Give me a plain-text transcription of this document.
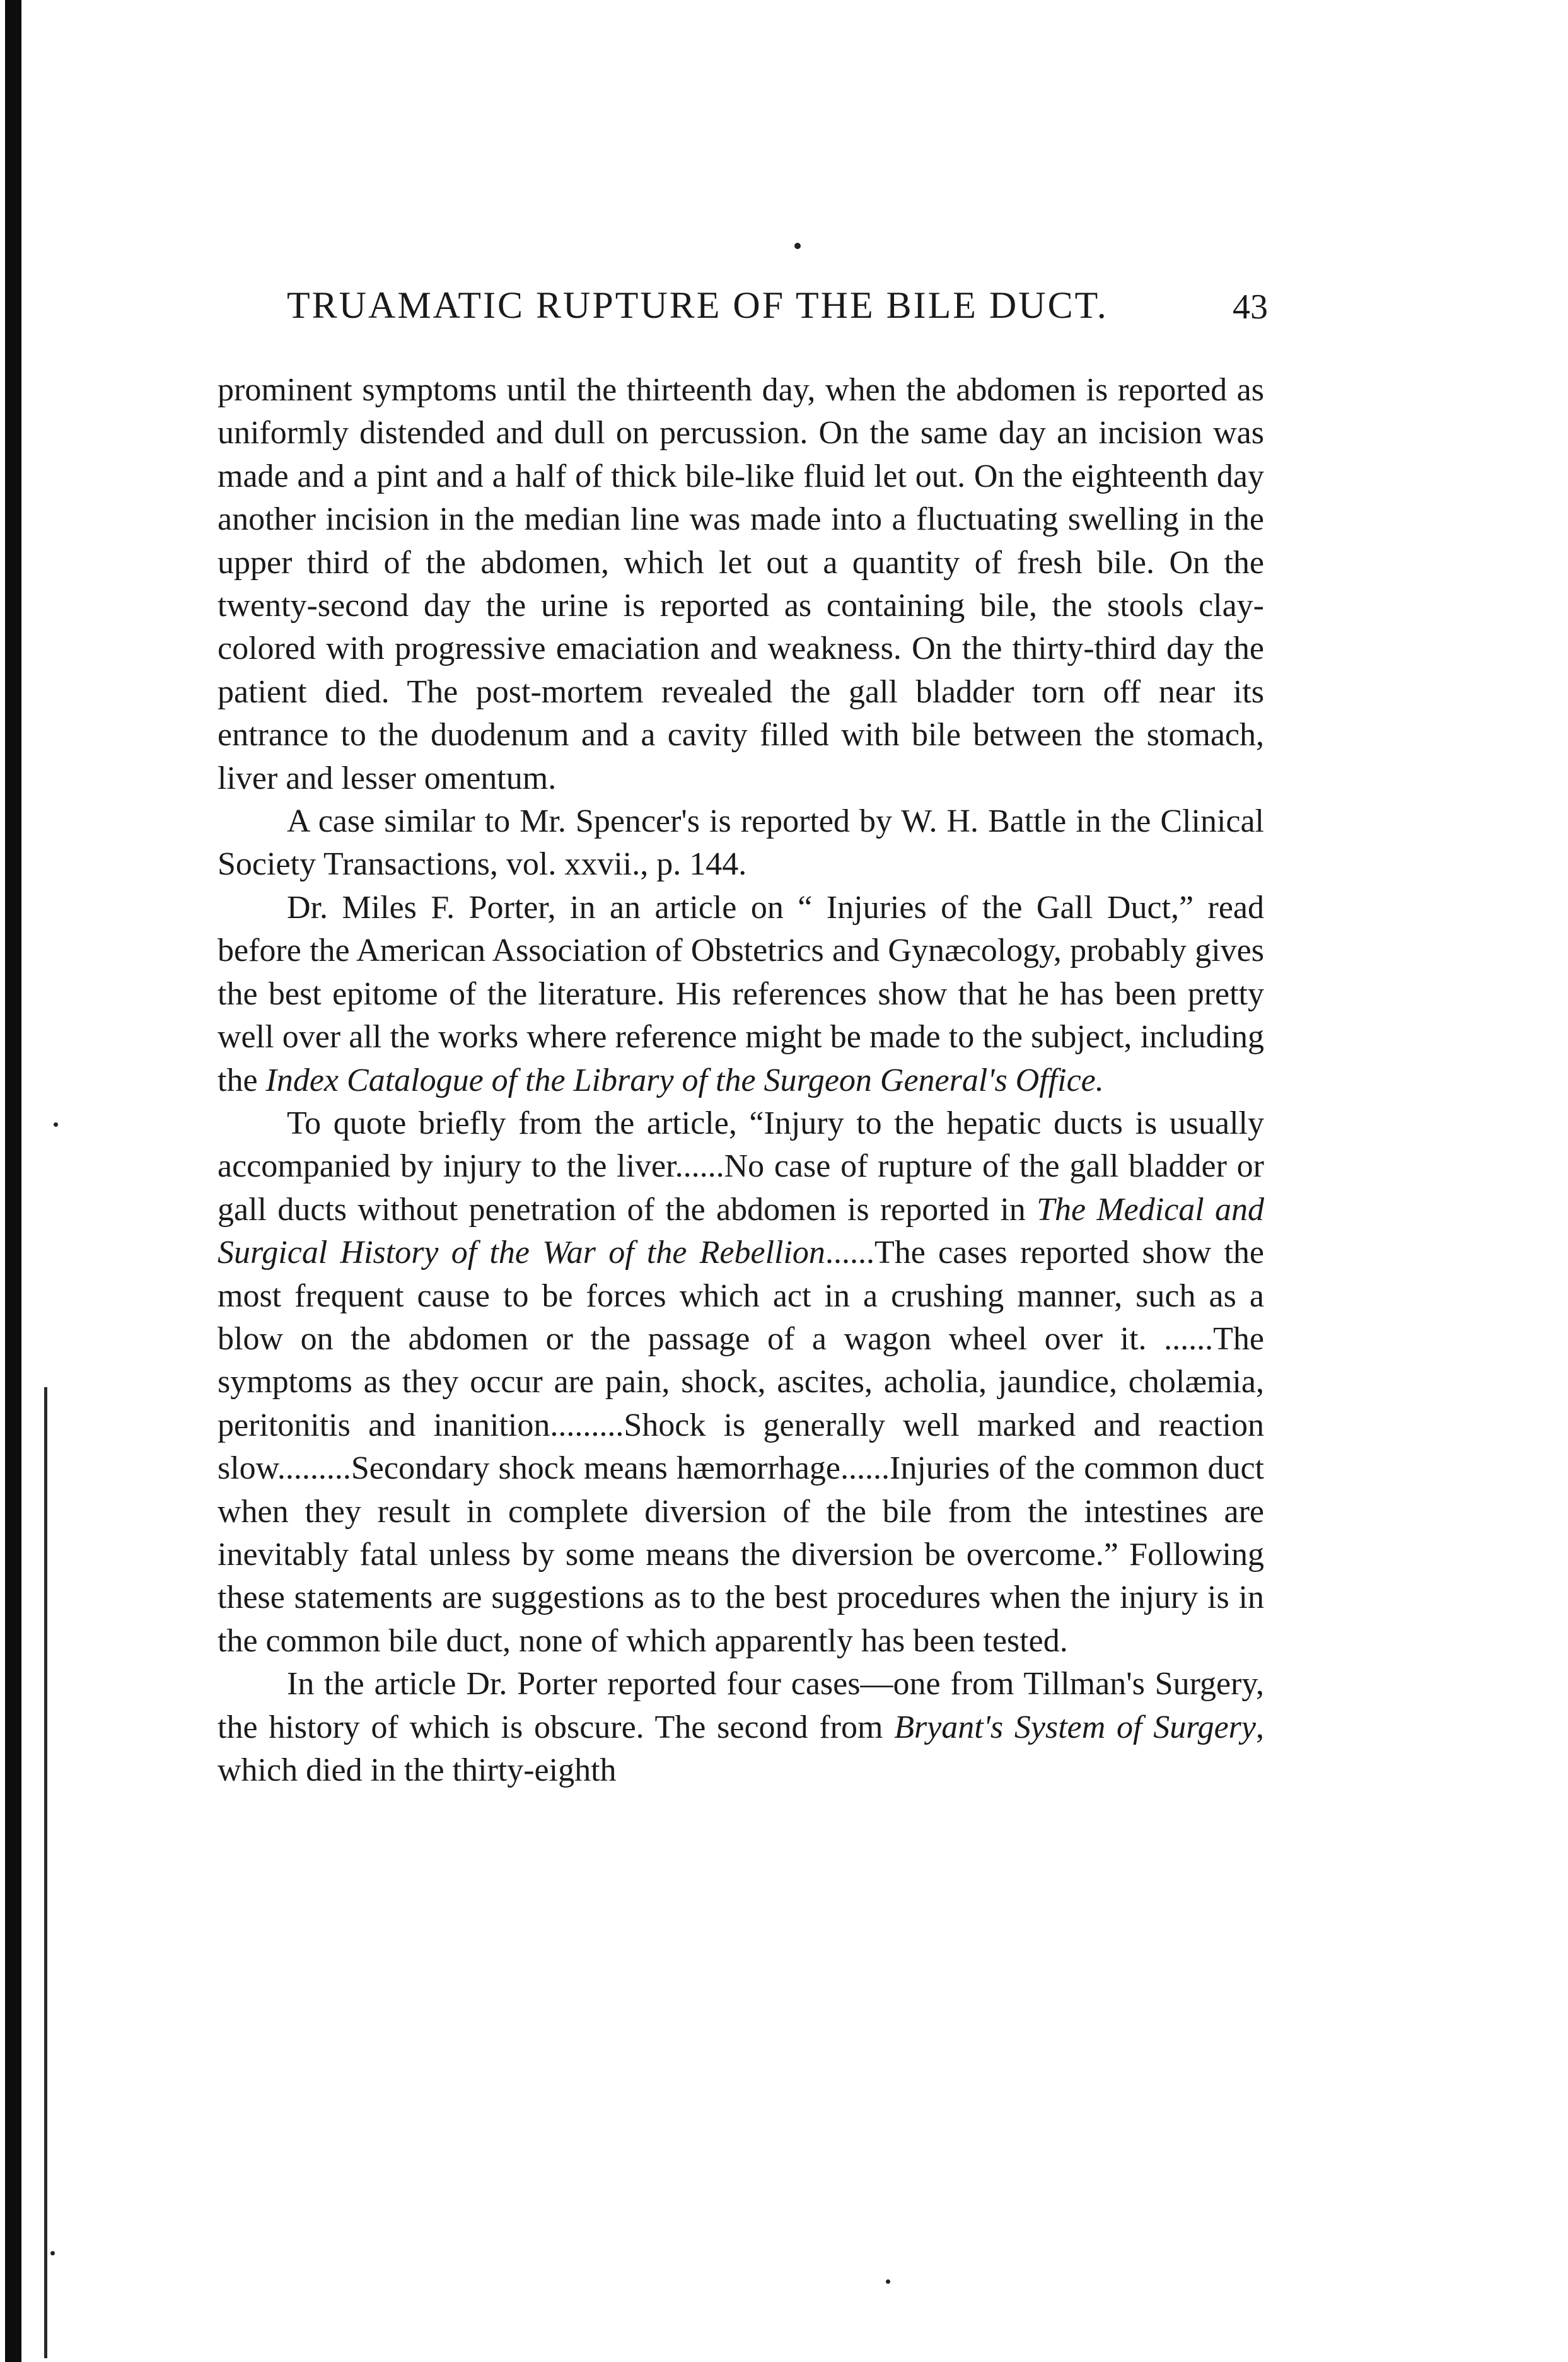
TRUAMATIC RUPTURE OF THE BILE DUCT.	43

prominent symptoms until the thirteenth day, when the abdomen is reported as uniformly distended and dull on percussion. On the same day an incision was made and a pint and a half of thick bile-like fluid let out. On the eighteenth day another incision in the median line was made into a fluctuating swelling in the upper third of the abdomen, which let out a quantity of fresh bile. On the twenty-second day the urine is reported as containing bile, the stools clay-colored with progressive emaciation and weakness. On the thirty-third day the patient died. The post-mortem revealed the gall bladder torn off near its entrance to the duodenum and a cavity filled with bile between the stomach, liver and lesser omentum.

A case similar to Mr. Spencer's is reported by W. H. Battle in the Clinical Society Transactions, vol. xxvii., p. 144.

Dr. Miles F. Porter, in an article on “ Injuries of the Gall Duct,” read before the American Association of Obstetrics and Gynæcology, probably gives the best epitome of the literature. His references show that he has been pretty well over all the works where reference might be made to the subject, including the Index Catalogue of the Library of the Surgeon General's Office.

To quote briefly from the article, “Injury to the hepatic ducts is usually accompanied by injury to the liver......No case of rupture of the gall bladder or gall ducts without penetration of the abdomen is reported in The Medical and Surgical History of the War of the Rebellion......The cases reported show the most frequent cause to be forces which act in a crushing manner, such as a blow on the abdomen or the passage of a wagon wheel over it. ......The symptoms as they occur are pain, shock, ascites, acholia, jaundice, cholæmia, peritonitis and inanition.........Shock is generally well marked and reaction slow.........Secondary shock means hæmorrhage......Injuries of the common duct when they result in complete diversion of the bile from the intestines are inevitably fatal unless by some means the diversion be overcome.” Following these statements are suggestions as to the best procedures when the injury is in the common bile duct, none of which apparently has been tested.

In the article Dr. Porter reported four cases—one from Tillman's Surgery, the history of which is obscure. The second from Bryant's System of Surgery, which died in the thirty-eighth
